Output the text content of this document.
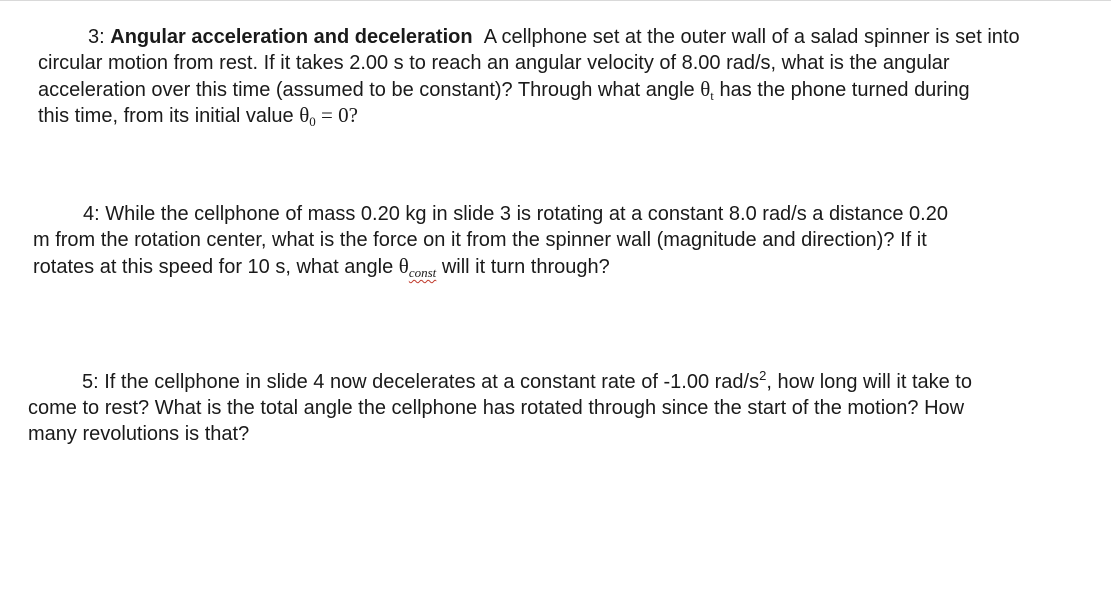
3: Angular acceleration and deceleration A cellphone set at the outer wall of a salad spinner is set into
circular motion from rest. If it takes 2.00 s to reach an angular velocity of 8.00 rad/s, what is the angular
acceleration over this time (assumed to be constant)? Through what angle $\theta_t$ has the phone turned during
this time, from its initial value $\theta_0 = 0$?
4: While the cellphone of mass 0.20 kg in slide 3 is rotating at a constant 8.0 rad/s a distance 0.20
m from the rotation center, what is the force on it from the spinner wall (magnitude and direction)? If it
rotates at this speed for 10 s, what angle $\theta_{const}$ will it turn through?
5: If the cellphone in slide 4 now decelerates at a constant rate of -1.00 rad/$s^2$, how long will it take to
come to rest? What is the total angle the cellphone has rotated through since the start of the motion? How
many revolutions is that?
